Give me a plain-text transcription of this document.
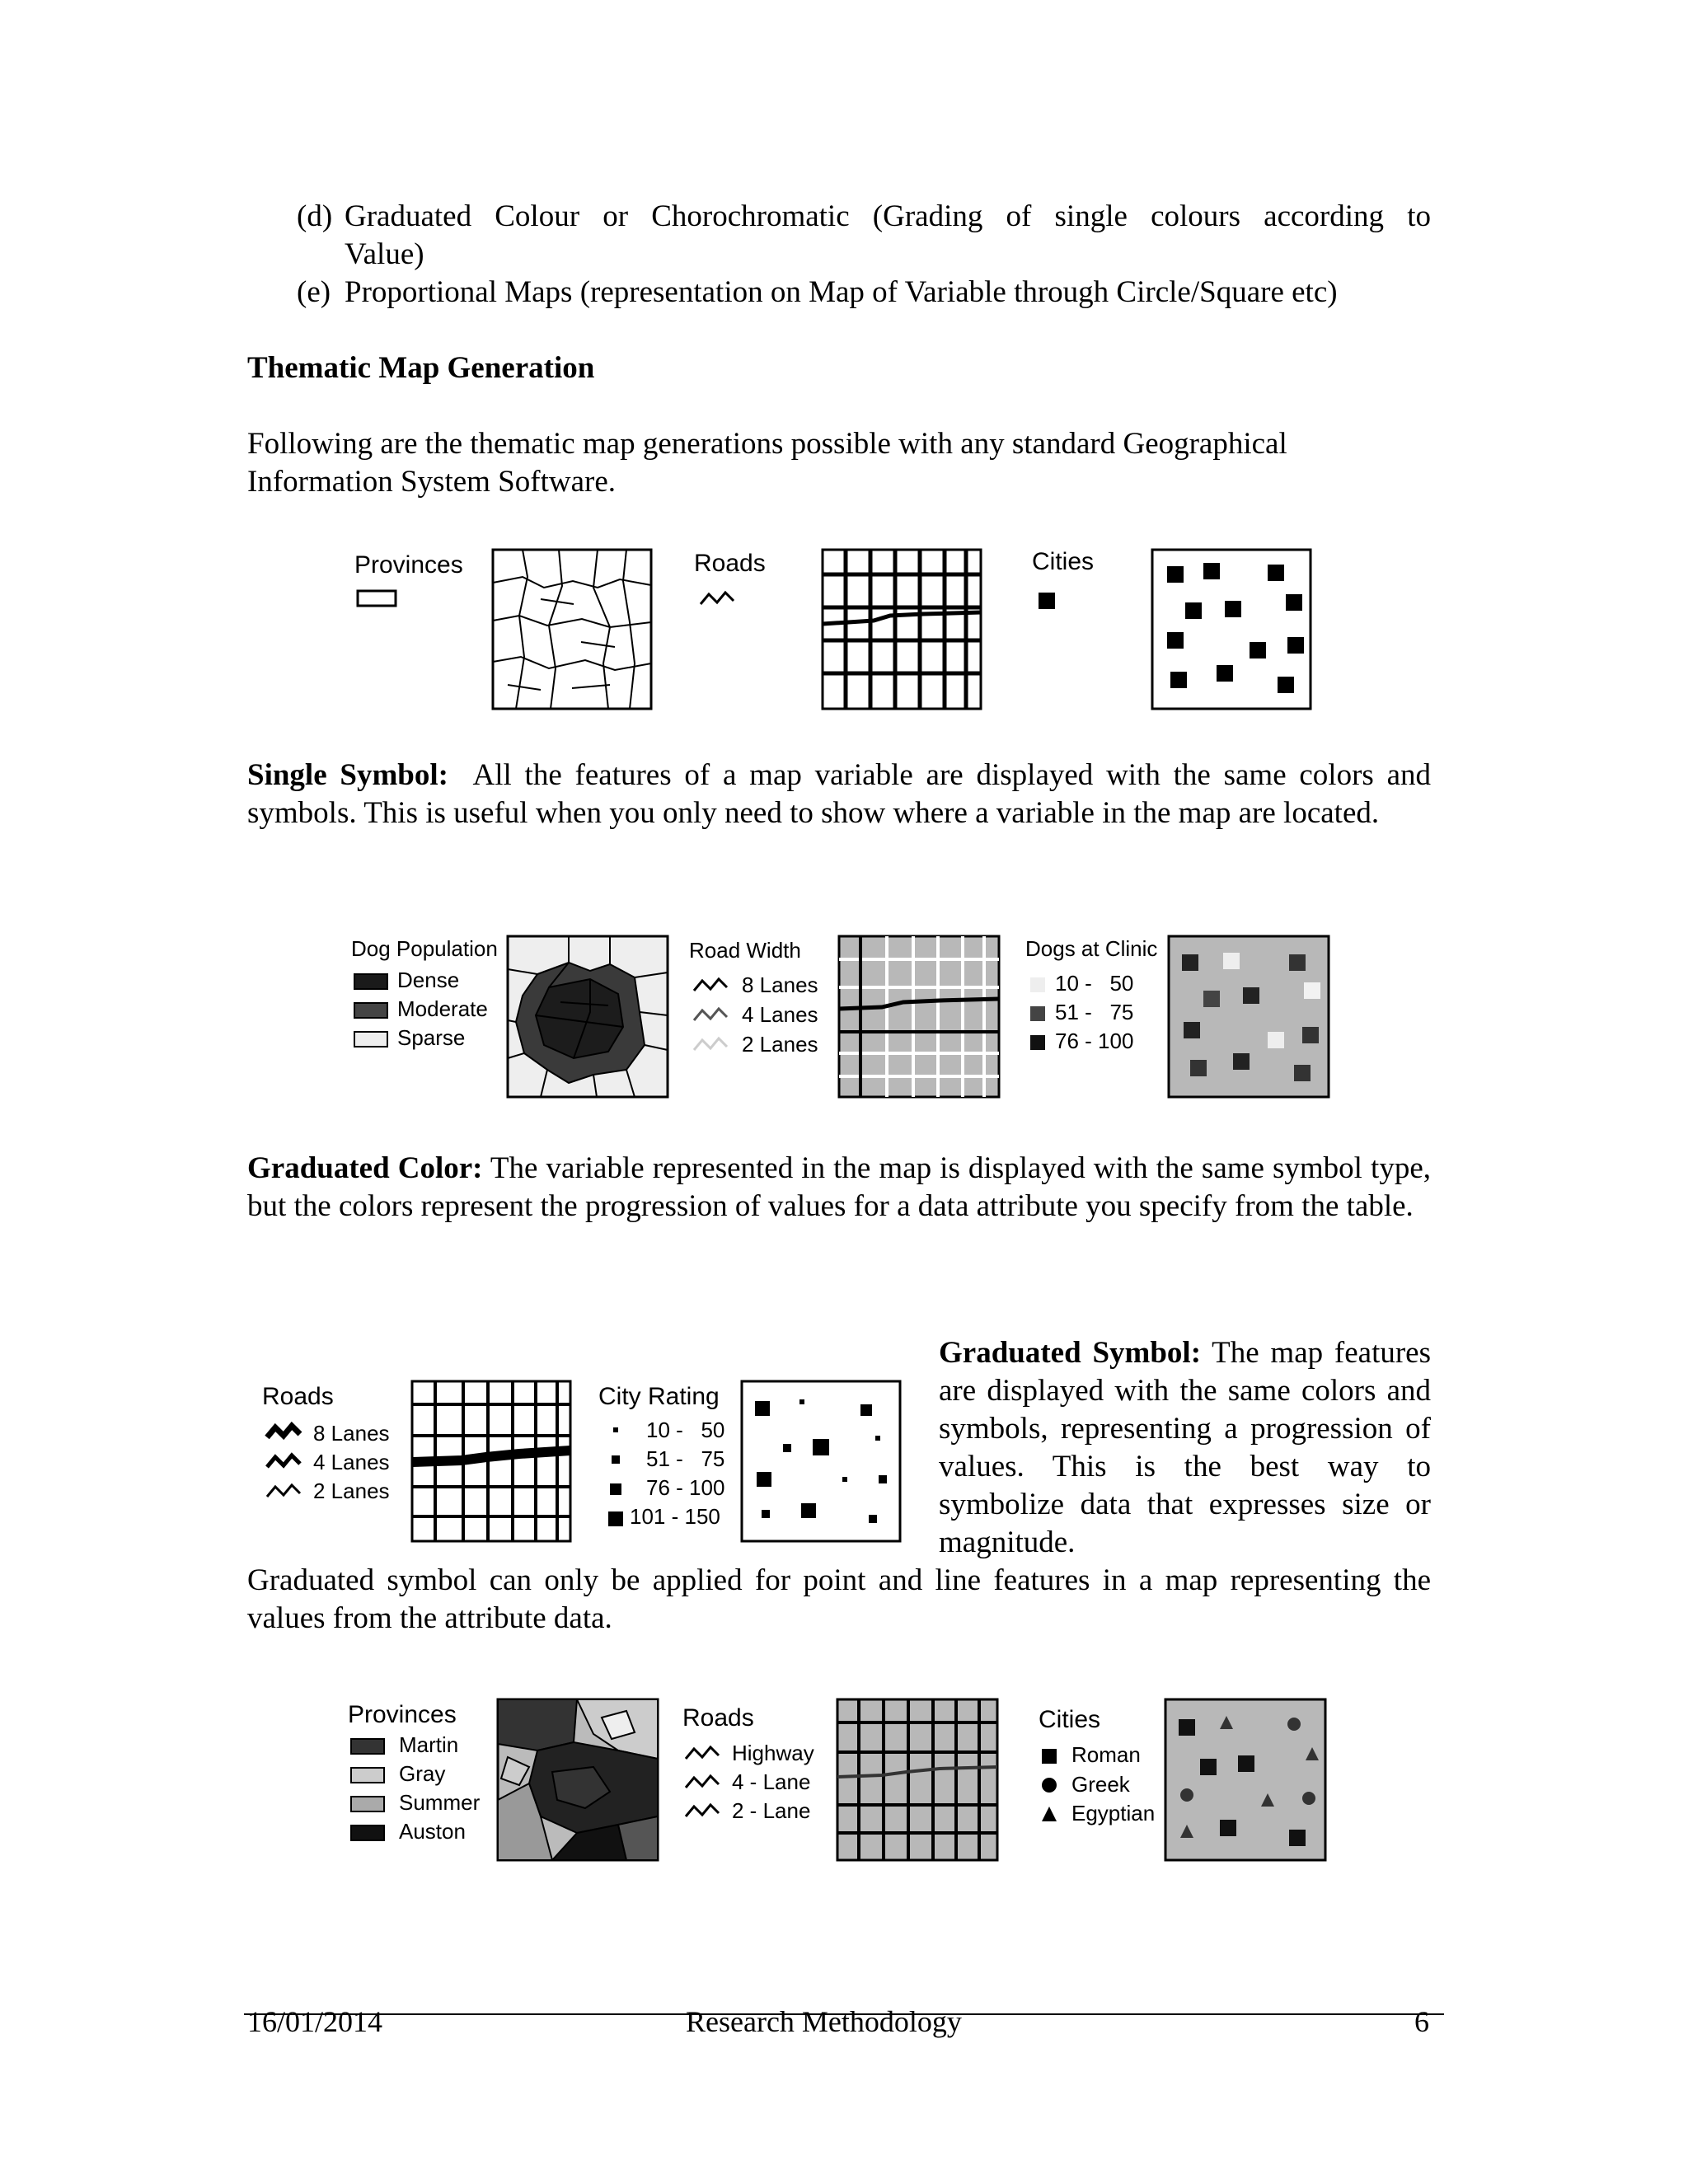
(d) Graduated Colour or Chorochromatic (Grading of single colours according to
Value)
(e) Proportional Maps (representation on Map of Variable through Circle/Square etc)
Thematic Map Generation
Following are the thematic map generations possible with any standard Geographical
Information System Software.
Provinces	Roads	Cities
Single Symbol: All the features of a map variable are displayed with the same colors and symbols. This is useful when you only need to show where a variable in the map are located.
Dog Population
Dense
Moderate
Sparse
Road Width
8 Lanes
4 Lanes
2 Lanes
Dogs at Clinic
10 -   50
51 -   75
76 - 100
Graduated Color: The variable represented in the map is displayed with the same symbol type, but the colors represent the progression of values for a data attribute you specify from the table.
Roads
8 Lanes
4 Lanes
2 Lanes
City Rating
10 -   50
51 -   75
76 - 100
101 - 150
Graduated Symbol: The map features are displayed with the same colors and symbols, representing a progression of values. This is the best way to symbolize data that expresses size or magnitude.
Graduated symbol can only be applied for point and line features in a map representing the values from the attribute data.
Provinces
Martin
Gray
Summer
Auston
Roads
Highway
4 - Lane
2 - Lane
Cities
Roman
Greek
Egyptian
16/01/2014	Research Methodology	6
